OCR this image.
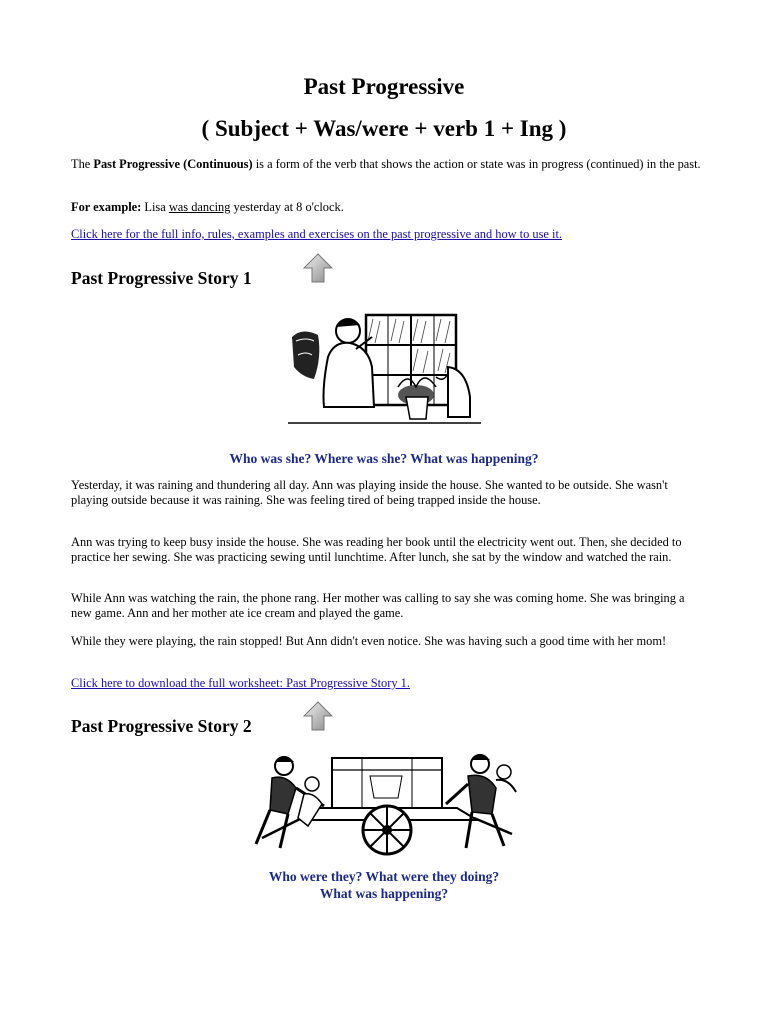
Past Progressive
( Subject + Was/were + verb 1 + Ing )

The Past Progressive (Continuous) is a form of the verb that shows the action or state was in progress (continued) in the past.

For example: Lisa was dancing yesterday at 8 o'clock.

Click here for the full info, rules, examples and exercises on the past progressive and how to use it.

Past Progressive Story 1

Who was she? Where was she? What was happening?

Yesterday, it was raining and thundering all day. Ann was playing inside the house. She wanted to be outside. She wasn't playing outside because it was raining. She was feeling tired of being trapped inside the house.

Ann was trying to keep busy inside the house. She was reading her book until the electricity went out. Then, she decided to practice her sewing. She was practicing sewing until lunchtime. After lunch, she sat by the window and watched the rain.

While Ann was watching the rain, the phone rang. Her mother was calling to say she was coming home. She was bringing a new game. Ann and her mother ate ice cream and played the game.

While they were playing, the rain stopped! But Ann didn't even notice. She was having such a good time with her mom!

Click here to download the full worksheet: Past Progressive Story 1.

Past Progressive Story 2

Who were they? What were they doing?

What was happening?
